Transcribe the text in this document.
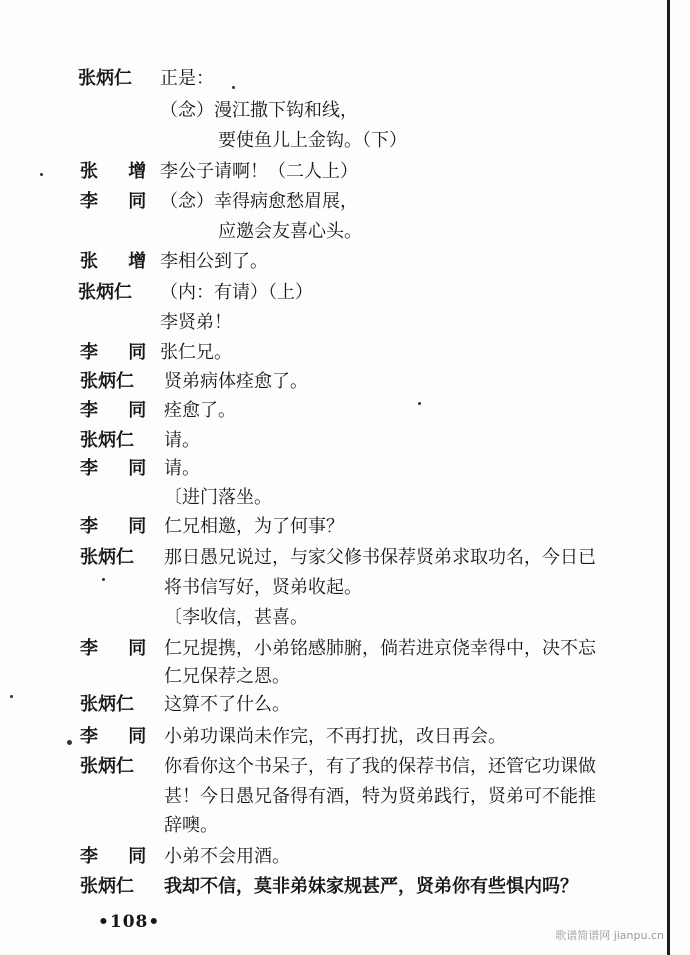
张炳仁 正是：
（念）漫江撒下钩和线，
要使鱼儿上金钩。（下）
张 增 李公子请啊！（二人上）
李 同 （念）幸得病愈愁眉展，
应邀会友喜心头。
张 增 李相公到了。
张炳仁 （内：有请）（上）
李贤弟！
李 同 张仁兄。
张炳仁 贤弟病体痊愈了。
李 同 痊愈了。
张炳仁 请。
李 同 请。
〔进门落坐。
李 同 仁兄相邀，为了何事？
张炳仁 那日愚兄说过，与家父修书保荐贤弟求取功名，今日已
将书信写好，贤弟收起。
〔李收信，甚喜。
李 同 仁兄提携，小弟铭感肺腑，倘若进京侥幸得中，决不忘
仁兄保荐之恩。
张炳仁 这算不了什么。
李 同 小弟功课尚未作完，不再打扰，改日再会。
张炳仁 你看你这个书呆子，有了我的保荐书信，还管它功课做
甚！今日愚兄备得有酒，特为贤弟践行，贤弟可不能推
辞噢。
李 同 小弟不会用酒。
张炳仁 我却不信，莫非弟妹家规甚严，贤弟你有些惧内吗？
•108•
歌谱简谱网 jianpu.cn
